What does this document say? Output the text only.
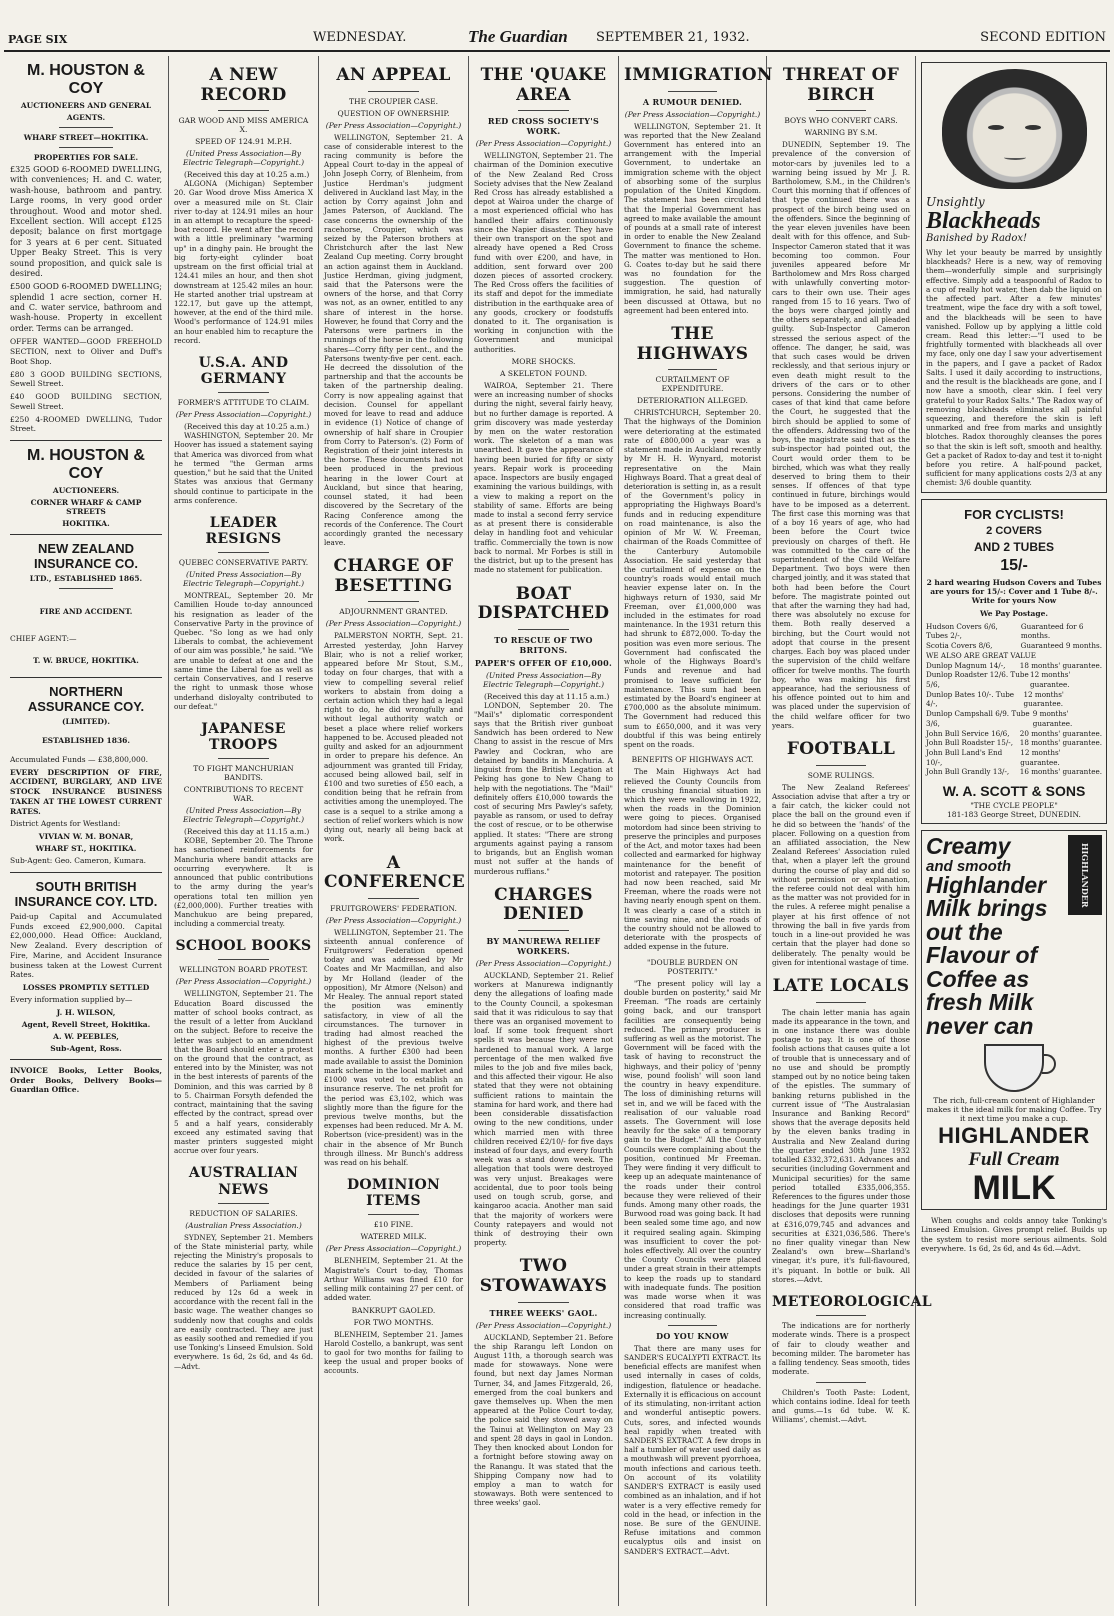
PAGE SIX	WEDNESDAY.	The Guardian SEPTEMBER 21, 1932.	SECOND EDITION
M. HOUSTON & COY
AUCTIONEERS AND GENERAL
AGENTS.
WHARF STREET—HOKITIKA.
PROPERTIES FOR SALE.
£325 GOOD 6-ROOMED DWELLING, with conveniences; H. and C. water, wash-house, bathroom and pantry. Large rooms, in very good order throughout. Wood and motor shed. Excellent section. Will accept £125 deposit; balance on first mortgage for 3 years at 6 per cent. Situated Upper Beaky Street. This is very sound proposition, and quick sale is desired.
£500 GOOD 6-ROOMED DWELLING; splendid 1 acre section, corner H. and C. water service, bathroom and wash-house. Property in excellent order. Terms can be arranged.
OFFER WANTED—GOOD FREEHOLD SECTION, next to Oliver and Duff's Boot Shop.
£80 3 GOOD BUILDING SECTIONS, Sewell Street.
£40 GOOD BUILDING SECTION, Sewell Street.
£250 4-ROOMED DWELLING, Tudor Street.
M. HOUSTON & COY
AUCTIONEERS.
CORNER WHARF & CAMP STREETS
HOKITIKA.
NEW ZEALAND INSURANCE CO.
LTD., ESTABLISHED 1865.
FIRE AND ACCIDENT.
CHIEF AGENT:—
T. W. BRUCE, HOKITIKA.
NORTHERN ASSURANCE COY.
(LIMITED).
ESTABLISHED 1836.
Accumulated Funds — £38,800,000.
EVERY DESCRIPTION OF FIRE, ACCIDENT, BURGLARY, AND LIVE STOCK INSURANCE BUSINESS TAKEN AT THE LOWEST CURRENT RATES.
District Agents for Westland:
VIVIAN W. M. BONAR,
WHARF ST., HOKITIKA.
Sub-Agent: Geo. Cameron, Kumara.
SOUTH BRITISH INSURANCE COY. LTD.
Paid-up Capital and Accumulated Funds exceed £2,900,000. Capital £2,000,000. Head Office: Auckland, New Zealand. Every description of Fire, Marine, and Accident Insurance business taken at the Lowest Current Rates.
LOSSES PROMPTLY SETTLED
Every information supplied by—
J. H. WILSON,
Agent, Revell Street, Hokitika.
A. W. PEEBLES,
Sub-Agent, Ross.
INVOICE Books, Letter Books, Order Books, Delivery Books—Guardian Office.
A NEW RECORD
GAR WOOD AND MISS AMERICA X.
SPEED OF 124.91 M.P.H.
(United Press Association—By Electric Telegraph—Copyright.)
(Received this day at 10.25 a.m.)
ALGONA (Michigan) September 20. Gar Wood drove Miss America X over a measured mile on St. Clair river to-day at 124.91 miles an hour in an attempt to recapture the speed-boat record. He went after the record with a little preliminary "warming up" in a dinghy pain. He brought the big forty-eight cylinder boat upstream on the first official trial at 124.41 miles an hour, and then shot downstream at 125.42 miles an hour. He started another trial upstream at 122.17, but gave up the attempt, however, at the end of the third mile. Wood's performance of 124.91 miles an hour enabled him to recapture the record.
U.S.A. AND GERMANY
FORMER'S ATTITUDE TO CLAIM.
(Per Press Association—Copyright.)
(Received this day at 10.25 a.m.)
WASHINGTON, September 20. Mr Hoover has issued a statement saying that America was divorced from what he termed "the German arms question," but he said that the United States was anxious that Germany should continue to participate in the arms conference.
LEADER RESIGNS
QUEBEC CONSERVATIVE PARTY.
(United Press Association—By Electric Telegraph—Copyright.)
MONTREAL, September 20. Mr Camillien Houde to-day announced his resignation as leader of the Conservative Party in the province of Quebec. "So long as we had only Liberals to combat, the achievement of our aim was possible," he said. "We are unable to defeat at one and the same time the Liberal foe as well as certain Conservatives, and I reserve the right to unmask those whose underhand disloyalty contributed to our defeat."
JAPANESE TROOPS
TO FIGHT MANCHURIAN BANDITS.
CONTRIBUTIONS TO RECENT WAR.
(United Press Association—By Electric Telegraph—Copyright.)
(Received this day at 11.15 a.m.)
KOBE, September 20. The Throne has sanctioned reinforcements for Manchuria where bandit attacks are occurring everywhere. It is announced that public contributions to the army during the year's operations total ten million yen (£2,000,000). Further treaties with Manchukuo are being prepared, including a commercial treaty.
SCHOOL BOOKS
WELLINGTON BOARD PROTEST.
(Per Press Association—Copyright.)
WELLINGTON, September 21. The Education Board discussed the matter of school books contract, as the result of a letter from Auckland on the subject. Before to receive the letter was subject to an amendment that the Board should enter a protest on the ground that the contract, as entered into by the Minister, was not in the best interests of parents of the Dominion, and this was carried by 8 to 5. Chairman Forsyth defended the contract, maintaining that the saving effected by the contract, spread over 5 and a half years, considerably exceed any estimated saving that master printers suggested might accrue over four years.
AUSTRALIAN NEWS
REDUCTION OF SALARIES.
(Australian Press Association.)
SYDNEY, September 21. Members of the State ministerial party, while rejecting the Ministry's proposals to reduce the salaries by 15 per cent, decided in favour of the salaries of Members of Parliament being reduced by 12s 6d a week in accordance with the recent fall in the basic wage. The weather changes so suddenly now that coughs and colds are easily contracted. They are just as easily soothed and remedied if you use Tonking's Linseed Emulsion. Sold everywhere. 1s 6d, 2s 6d, and 4s 6d.—Advt.
AN APPEAL
THE CROUPIER CASE.
QUESTION OF OWNERSHIP.
(Per Press Association—Copyright.)
WELLINGTON, September 21. A case of considerable interest to the racing community is before the Appeal Court to-day in the appeal of John Joseph Corry, of Blenheim, from Justice Herdman's judgment delivered in Auckland last May, in the action by Corry against John and James Paterson, of Auckland. The case concerns the ownership of the racehorse, Croupier, which was seized by the Paterson brothers at Christchurch after the last New Zealand Cup meeting. Corry brought an action against them in Auckland. Justice Herdman, giving judgment, said that the Patersons were the owners of the horse, and that Corry was not, as an owner, entitled to any share of interest in the horse. However, he found that Corry and the Patersons were partners in the runnings of the horse in the following shares—Corry fifty per cent., and the Patersons twenty-five per cent. each. He decreed the dissolution of the partnership and that the accounts be taken of the partnership dealing. Corry is now appealing against that decision. Counsel for appellant moved for leave to read and adduce in evidence (1) Notice of change of ownership of half share in Croupier from Corry to Paterson's. (2) Form of Registration of their joint interests in the horse. These documents had not been produced in the previous hearing in the lower Court at Auckland, but since that hearing, counsel stated, it had been discovered by the Secretary of the Racing Conference among the records of the Conference. The Court accordingly granted the necessary leave.
CHARGE OF BESETTING
ADJOURNMENT GRANTED.
(Per Press Association—Copyright.)
PALMERSTON NORTH, Sept. 21. Arrested yesterday, John Harvey Blair, who is not a relief worker, appeared before Mr Stout, S.M., today on four charges, that with a view to compelling several relief workers to abstain from doing a certain action which they had a legal right to do, he did wrongfully and without legal authority watch or beset a place where relief workers happened to be. Accused pleaded not guilty and asked for an adjournment in order to prepare his defence. An adjournment was granted till Friday, accused being allowed bail, self in £100 and two sureties of £50 each, a condition being that he refrain from activities among the unemployed. The case is a sequel to a strike among a section of relief workers which is now dying out, nearly all being back at work.
A CONFERENCE
FRUITGROWERS' FEDERATION.
(Per Press Association—Copyright.)
WELLINGTON, September 21. The sixteenth annual conference of Fruitgrowers' Federation opened today and was addressed by Mr Coates and Mr Macmillan, and also by Mr Holland (leader of the opposition), Mr Atmore (Nelson) and Mr Healey. The annual report stated the position was eminently satisfactory, in view of all the circumstances. The turnover in trading had almost reached the highest of the previous twelve months. A further £300 had been made available to assist the Dominion mark scheme in the local market and £1000 was voted to establish an insurance reserve. The net profit for the period was £3,102, which was slightly more than the figure for the previous twelve months, but the expenses had been reduced. Mr A. M. Robertson (vice-president) was in the chair in the absence of Mr Bunch through illness. Mr Bunch's address was read on his behalf.
DOMINION ITEMS
£10 FINE.
WATERED MILK.
(Per Press Association—Copyright.)
BLENHEIM, September 21. At the Magistrate's Court to-day, Thomas Arthur Williams was fined £10 for selling milk containing 27 per cent. of added water.
BANKRUPT GAOLED.
FOR TWO MONTHS.
BLENHEIM, September 21. James Harold Costello, a bankrupt, was sent to gaol for two months for failing to keep the usual and proper books of accounts.
THE 'QUAKE AREA
RED CROSS SOCIETY'S WORK.
(Per Press Association—Copyright.)
WELLINGTON, September 21. The chairman of the Dominion executive of the New Zealand Red Cross Society advises that the New Zealand Red Cross has already established a depot at Wairoa under the charge of a most experienced official who has handled their affairs continuously since the Napier disaster. They have their own transport on the spot and already have opened a Red Cross fund with over £200, and have, in addition, sent forward over 200 dozen pieces of assorted crockery. The Red Cross offers the facilities of its staff and depot for the immediate distribution in the earthquake area of any goods, crockery or foodstuffs donated to it. The organisation is working in conjunction with the Government and municipal authorities.
MORE SHOCKS.
A SKELETON FOUND.
WAIROA, September 21. There were an increasing number of shocks during the night, several fairly heavy, but no further damage is reported. A grim discovery was made yesterday by men on the water restoration work. The skeleton of a man was unearthed. It gave the appearance of having been buried for fifty or sixty years. Repair work is proceeding apace. Inspectors are busily engaged examining the various buildings, with a view to making a report on the stability of same. Efforts are being made to instal a second ferry service as at present there is considerable delay in handling foot and vehicular traffic. Commercially the town is now back to normal. Mr Forbes is still in the district, but up to the present has made no statement for publication.
BOAT DISPATCHED
TO RESCUE OF TWO BRITONS.
PAPER'S OFFER OF £10,000.
(United Press Association—By Electric Telegraph—Copyright.)
(Received this day at 11.15 a.m.)
LONDON, September 20. The "Mail's" diplomatic correspondent says that the British river gunboat Sandwich has been ordered to New Chang to assist in the rescue of Mrs Pawley and Cockran, who are detained by bandits in Manchuria. A linguist from the British Legation at Peking has gone to New Chang to help with the negotiations. The "Mail" definitely offers £10,000 towards the cost of securing Mrs Pawley's safety, payable as ransom, or used to defray the cost of rescue, or to be otherwise applied. It states: "There are strong arguments against paying a ransom to brigands, but an English woman must not suffer at the hands of murderous ruffians."
CHARGES DENIED
BY MANUREWA RELIEF WORKERS.
(Per Press Association—Copyright.)
AUCKLAND, September 21. Relief workers at Manurewa indignantly deny the allegations of loafing made to the County Council, a spokesman said that it was ridiculous to say that there was an organised movement to loaf. If some took frequent short spells it was because they were not hardened to manual work. A large percentage of the men walked five miles to the job and five miles back, and this affected their vigour. He also stated that they were not obtaining sufficient rations to maintain the stamina for hard work, and there had been considerable dissatisfaction owing to the new conditions, under which married men with three children received £2/10/- for five days instead of four days, and every fourth week was a stand down week. The allegation that tools were destroyed was very unjust. Breakages were accidental, due to poor tools being used on tough scrub, gorse, and kaingaroo acacia. Another man said that the majority of workers were County ratepayers and would not think of destroying their own property.
TWO STOWAWAYS
THREE WEEKS' GAOL.
(Per Press Association—Copyright.)
AUCKLAND, September 21. Before the ship Rarangu left London on August 11th, a thorough search was made for stowaways. None were found, but next day James Norman Turner, 34, and James Fitzgerald, 26, emerged from the coal bunkers and gave themselves up. When the men appeared at the Police Court to-day, the police said they stowed away on the Tainui at Wellington on May 23 and spent 28 days in gaol in London. They then knocked about London for a fortnight before stowing away on the Ranangu. It was stated that the Shipping Company now had to employ a man to watch for stowaways. Both were sentenced to three weeks' gaol.
IMMIGRATION
A RUMOUR DENIED.
(Per Press Association—Copyright.)
WELLINGTON, September 21. It was reported that the New Zealand Government has entered into an arrangement with the Imperial Government, to undertake an immigration scheme with the object of absorbing some of the surplus population of the United Kingdom. The statement has been circulated that the Imperial Government has agreed to make available the amount of pounds at a small rate of interest in order to enable the New Zealand Government to finance the scheme. The matter was mentioned to Hon. G. Coates to-day but he said there was no foundation for the suggestion. The question of immigration, he said, had naturally been discussed at Ottawa, but no agreement had been entered into.
THE HIGHWAYS
CURTAILMENT OF EXPENDITURE.
DETERIORATION ALLEGED.
CHRISTCHURCH, September 20. That the highways of the Dominion were deteriorating at the estimated rate of £800,000 a year was a statement made in Auckland recently by Mr H. H. Wynyard, motorist representative on the Main Highways Board. That a great deal of deterioration is setting in, as a result of the Government's policy in appropriating the Highways Board's funds and in reducing expenditure on road maintenance, is also the opinion of Mr W. W. Freeman, chairman of the Roads Committee of the Canterbury Automobile Association. He said yesterday that the curtailment of expense on the country's roads would entail much heavier expense later on. In the highways return of 1930, said Mr Freeman, over £1,000,000 was included in the estimates for road maintenance. In the 1931 return this had shrunk to £872,000. To-day the position was even more serious. The Government had confiscated the whole of the Highways Board's Funds and revenue and had promised to leave sufficient for maintenance. This sum had been estimated by the Board's engineer at £700,000 as the absolute minimum. The Government had reduced this sum to £650,000, and it was very doubtful if this was being entirely spent on the roads.
BENEFITS OF HIGHWAYS ACT.
The Main Highways Act had relieved the County Councils from the crushing financial situation in which they were wallowing in 1922, when the roads in the Dominion were going to pieces. Organised motordom had since been striving to preserve the principles and purposes of the Act, and motor taxes had been collected and earmarked for highway maintenance for the benefit of motorist and ratepayer. The position had now been reached, said Mr Freeman, where the roads were not having nearly enough spent on them. It was clearly a case of a stitch in time saving nine, and the roads of the country should not be allowed to deteriorate with the prospects of added expense in the future.
"DOUBLE BURDEN ON POSTERITY."
"The present policy will lay a double burden on posterity," said Mr Freeman. "The roads are certainly going back, and our transport facilities are consequently being reduced. The primary producer is suffering as well as the motorist. The Government will be faced with the task of having to reconstruct the highways, and their policy of 'penny wise, pound foolish' will soon land the country in heavy expenditure. The loss of diminishing returns will set in, and we will be faced with the realisation of our valuable road assets. The Government will lose heavily for the sake of a temporary gain to the Budget." All the County Councils were complaining about the position, continued Mr Freeman. They were finding it very difficult to keep up an adequate maintenance of the roads under their control because they were relieved of their funds. Among many other roads, the Burwood road was going back. It had been sealed some time ago, and now it required sealing again. Skimping was insufficient to cover the pot-holes effectively. All over the country the County Councils were placed under a great strain in their attempts to keep the roads up to standard with inadequate funds. The position was made worse when it was considered that road traffic was increasing continually.
DO YOU KNOW
That there are many uses for SANDER'S EUCALYPTI EXTRACT. Its beneficial effects are manifest when used internally in cases of colds, indigestion, flatulence or headache. Externally it is efficacious on account of its stimulating, non-irritant action and wonderful antiseptic powers. Cuts, sores, and infected wounds heal rapidly when treated with SANDER'S EXTRACT. A few drops in half a tumbler of water used daily as a mouthwash will prevent pyorrhoea, mouth infections and carious teeth. On account of its volatility SANDER'S EXTRACT is easily used combined as an inhalation, and if hot water is a very effective remedy for cold in the head, or infection in the nose. Be sure of the GENUINE. Refuse imitations and common eucalyptus oils and insist on SANDER'S EXTRACT.—Advt.
THREAT OF BIRCH
BOYS WHO CONVERT CARS.
WARNING BY S.M.
DUNEDIN, September 19. The prevalence of the conversion of motor-cars by juveniles led to a warning being issued by Mr J. R. Bartholomew, S.M., in the Children's Court this morning that if offences of that type continued there was a prospect of the birch being used on the offenders. Since the beginning of the year eleven juveniles have been dealt with for this offence, and Sub-Inspector Cameron stated that it was becoming too common. Four juveniles appeared before Mr Bartholomew and Mrs Ross charged with unlawfully converting motor-cars to their own use. Their ages ranged from 15 to 16 years. Two of the boys were charged jointly and the others separately, and all pleaded guilty. Sub-Inspector Cameron stressed the serious aspect of the offence. The danger, he said, was that such cases would be driven recklessly, and that serious injury or even death might result to the drivers of the cars or to other persons. Considering the number of cases of that kind that came before the Court, he suggested that the birch should be applied to some of the offenders. Addressing two of the boys, the magistrate said that as the sub-inspector had pointed out, the Court would order them to be birched, which was what they really deserved to bring them to their senses. If offences of that type continued in future, birchings would have to be imposed as a deterrent. The first case this morning was that of a boy 16 years of age, who had been before the Court twice previously on charges of theft. He was committed to the care of the superintendent of the Child Welfare Department. Two boys were then charged jointly, and it was stated that both had been before the Court before. The magistrate pointed out that after the warning they had had, there was absolutely no excuse for them. Both really deserved a birching, but the Court would not adopt that course in the present charges. Each boy was placed under the supervision of the child welfare officer for twelve months. The fourth boy, who was making his first appearance, had the seriousness of his offence pointed out to him and was placed under the supervision of the child welfare officer for two years.
FOOTBALL
SOME RULINGS.
The New Zealand Referees' Association advise that after a try or a fair catch, the kicker could not place the ball on the ground even if he did so between the 'hands' of the placer. Following on a question from an affiliated association, the New Zealand Referees' Association ruled that, when a player left the ground during the course of play and did so without permission or explanation, the referee could not deal with him as the matter was not provided for in the rules. A referee might penalise a player at his first offence of not throwing the ball in five yards from touch in a line-out provided he was certain that the player had done so deliberately. The penalty would be given for intentional wastage of time.
LATE LOCALS
The chain letter mania has again made its appearance in the town, and in one instance there was double postage to pay. It is one of those foolish actions that causes quite a lot of trouble that is unnecessary and of no use and should be promptly stamped out by no notice being taken of the epistles. The summary of banking returns published in the current issue of "The Australasian Insurance and Banking Record" shows that the average deposits held by the eleven banks trading in Australia and New Zealand during the quarter ended 30th June 1932 totalled £332,372,631. Advances and securities (including Government and Municipal securities) for the same period totalled £335,006,355. References to the figures under those headings for the June quarter 1931 discloses that deposits were running at £316,079,745 and advances and securities at £321,036,586. There's no finer quality vinegar than New Zealand's own brew—Sharland's vinegar, it's pure, it's full-flavoured, it's piquant. In bottle or bulk. All stores.—Advt.
METEOROLOGICAL
The indications are for northerly moderate winds. There is a prospect of fair to cloudy weather and becoming milder. The barometer has a falling tendency. Seas smooth, tides moderate.
Children's Tooth Paste: Lodent, which contains iodine. Ideal for teeth and gums.—1s 6d tube. W. K. Williams', chemist.—Advt.
Unsightly
Blackheads
Banished by Radox!
Why let your beauty be marred by unsightly blackheads? Here is a new, way of removing them—wonderfully simple and surprisingly effective. Simply add a teaspoonful of Radox to a cup of really hot water, then dab the liquid on the affected part. After a few minutes' treatment, wipe the face dry with a soft towel, and the blackheads will be seen to have vanished. Follow up by applying a little cold cream. Read this letter:—"I used to be frightfully tormented with blackheads all over my face, only one day I saw your advertisement in the papers, and I gave a packet of Radox Salts. I used it daily according to instructions, and the result is the blackheads are gone, and I now have a smooth, clear skin. I feel very grateful to your Radox Salts." The Radox way of removing blackheads eliminates all painful squeezing, and therefore the skin is left unmarked and free from marks and unsightly blotches. Radox thoroughly cleanses the pores so that the skin is left soft, smooth and healthy. Get a packet of Radox to-day and test it to-night before you retire. A half-pound packet, sufficient for many applications costs 2/3 at any chemist: 3/6 double quantity.
FOR CYCLISTS!
2 COVERS
AND 2 TUBES
15/-
2 hard wearing Hudson Covers and Tubes are yours for 15/-: Cover and 1 Tube 8/-.
Write for yours Now
We Pay Postage.
Hudson Covers 6/6, Tubes 2/-,
Guaranteed for 6 months.
Scotia Covers 8/6,	Guaranteed 9 months.
WE ALSO ARE GREAT VALUE
Dunlop Magnum 14/-, 18 months' guarantee.
Dunlop Roadster 12/6. Tube 5/6,
12 months' guarantee.
Dunlop Bates 10/-. Tube 4/-,
12 months' guarantee.
Dunlop Campshall 6/9. Tube 3/6,
9 months' guarantee.
John Bull Service 16/6, 20 months' guarantee.
John Bull Roadster 15/-, 18 months' guarantee.
John Bull Land's End 10/-,
12 months' guarantee.
John Bull Grandly 13/-, 16 months' guarantee.
W. A. SCOTT & SONS
"THE CYCLE PEOPLE"
181-183 George Street, DUNEDIN.
HIGHLANDER
Creamy
and smooth
Highlander
Milk brings
out the
Flavour of
Coffee as
fresh Milk
never can
The rich, full-cream content of Highlander makes it the ideal milk for making Coffee. Try it next time you make a cup.
HIGHLANDER
Full Cream
MILK
When coughs and colds annoy take Tonking's Linseed Emulsion. Gives prompt relief. Builds up the system to resist more serious ailments. Sold everywhere. 1s 6d, 2s 6d, and 4s 6d.—Advt.
